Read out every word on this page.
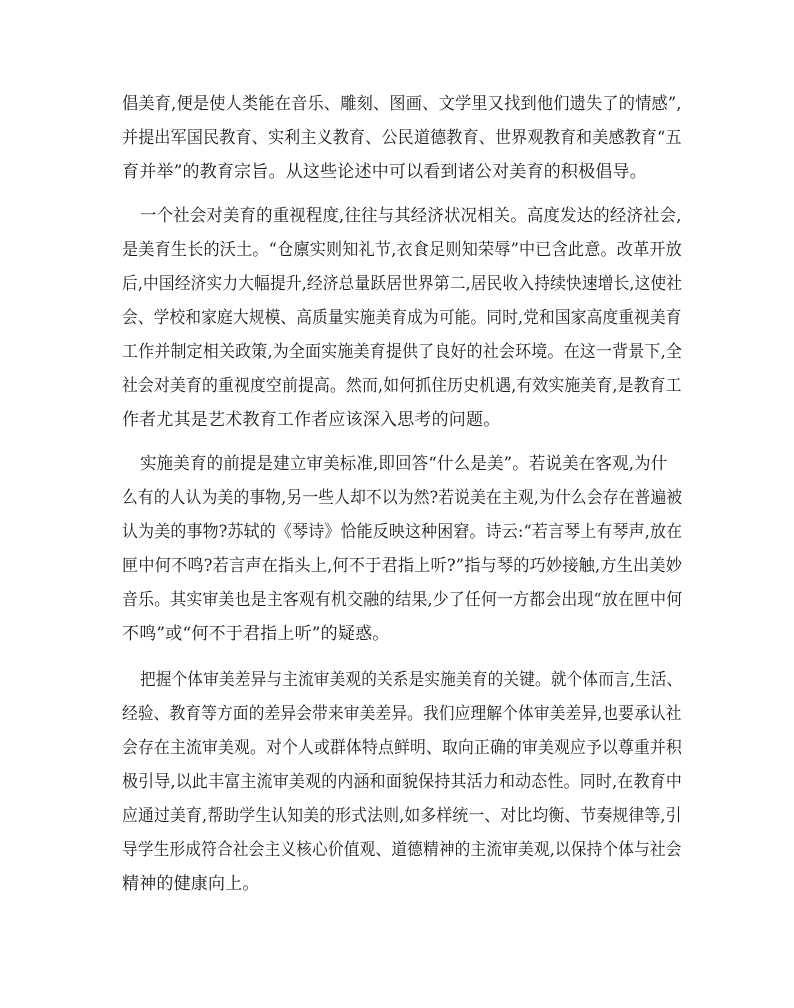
倡美育,便是使人类能在音乐、雕刻、图画、文学里又找到他们遗失了的情感”,
并提出军国民教育、实利主义教育、公民道德教育、世界观教育和美感教育“五
育并举”的教育宗旨。从这些论述中可以看到诸公对美育的积极倡导。
一个社会对美育的重视程度,往往与其经济状况相关。高度发达的经济社会,
是美育生长的沃土。“仓廪实则知礼节,衣食足则知荣辱”中已含此意。改革开放
后,中国经济实力大幅提升,经济总量跃居世界第二,居民收入持续快速增长,这使社
会、学校和家庭大规模、高质量实施美育成为可能。同时,党和国家高度重视美育
工作并制定相关政策,为全面实施美育提供了良好的社会环境。在这一背景下,全
社会对美育的重视度空前提高。然而,如何抓住历史机遇,有效实施美育,是教育工
作者尤其是艺术教育工作者应该深入思考的问题。
实施美育的前提是建立审美标准,即回答“什么是美”。若说美在客观,为什
么有的人认为美的事物,另一些人却不以为然?若说美在主观,为什么会存在普遍被
认为美的事物?苏轼的《琴诗》恰能反映这种困窘。诗云:“若言琴上有琴声,放在
匣中何不鸣?若言声在指头上,何不于君指上听?”指与琴的巧妙接触,方生出美妙
音乐。其实审美也是主客观有机交融的结果,少了任何一方都会出现“放在匣中何
不鸣”或“何不于君指上听”的疑惑。
把握个体审美差异与主流审美观的关系是实施美育的关键。就个体而言,生活、
经验、教育等方面的差异会带来审美差异。我们应理解个体审美差异,也要承认社
会存在主流审美观。对个人或群体特点鲜明、取向正确的审美观应予以尊重并积
极引导,以此丰富主流审美观的内涵和面貌保持其活力和动态性。同时,在教育中
应通过美育,帮助学生认知美的形式法则,如多样统一、对比均衡、节奏规律等,引
导学生形成符合社会主义核心价值观、道德精神的主流审美观,以保持个体与社会
精神的健康向上。
